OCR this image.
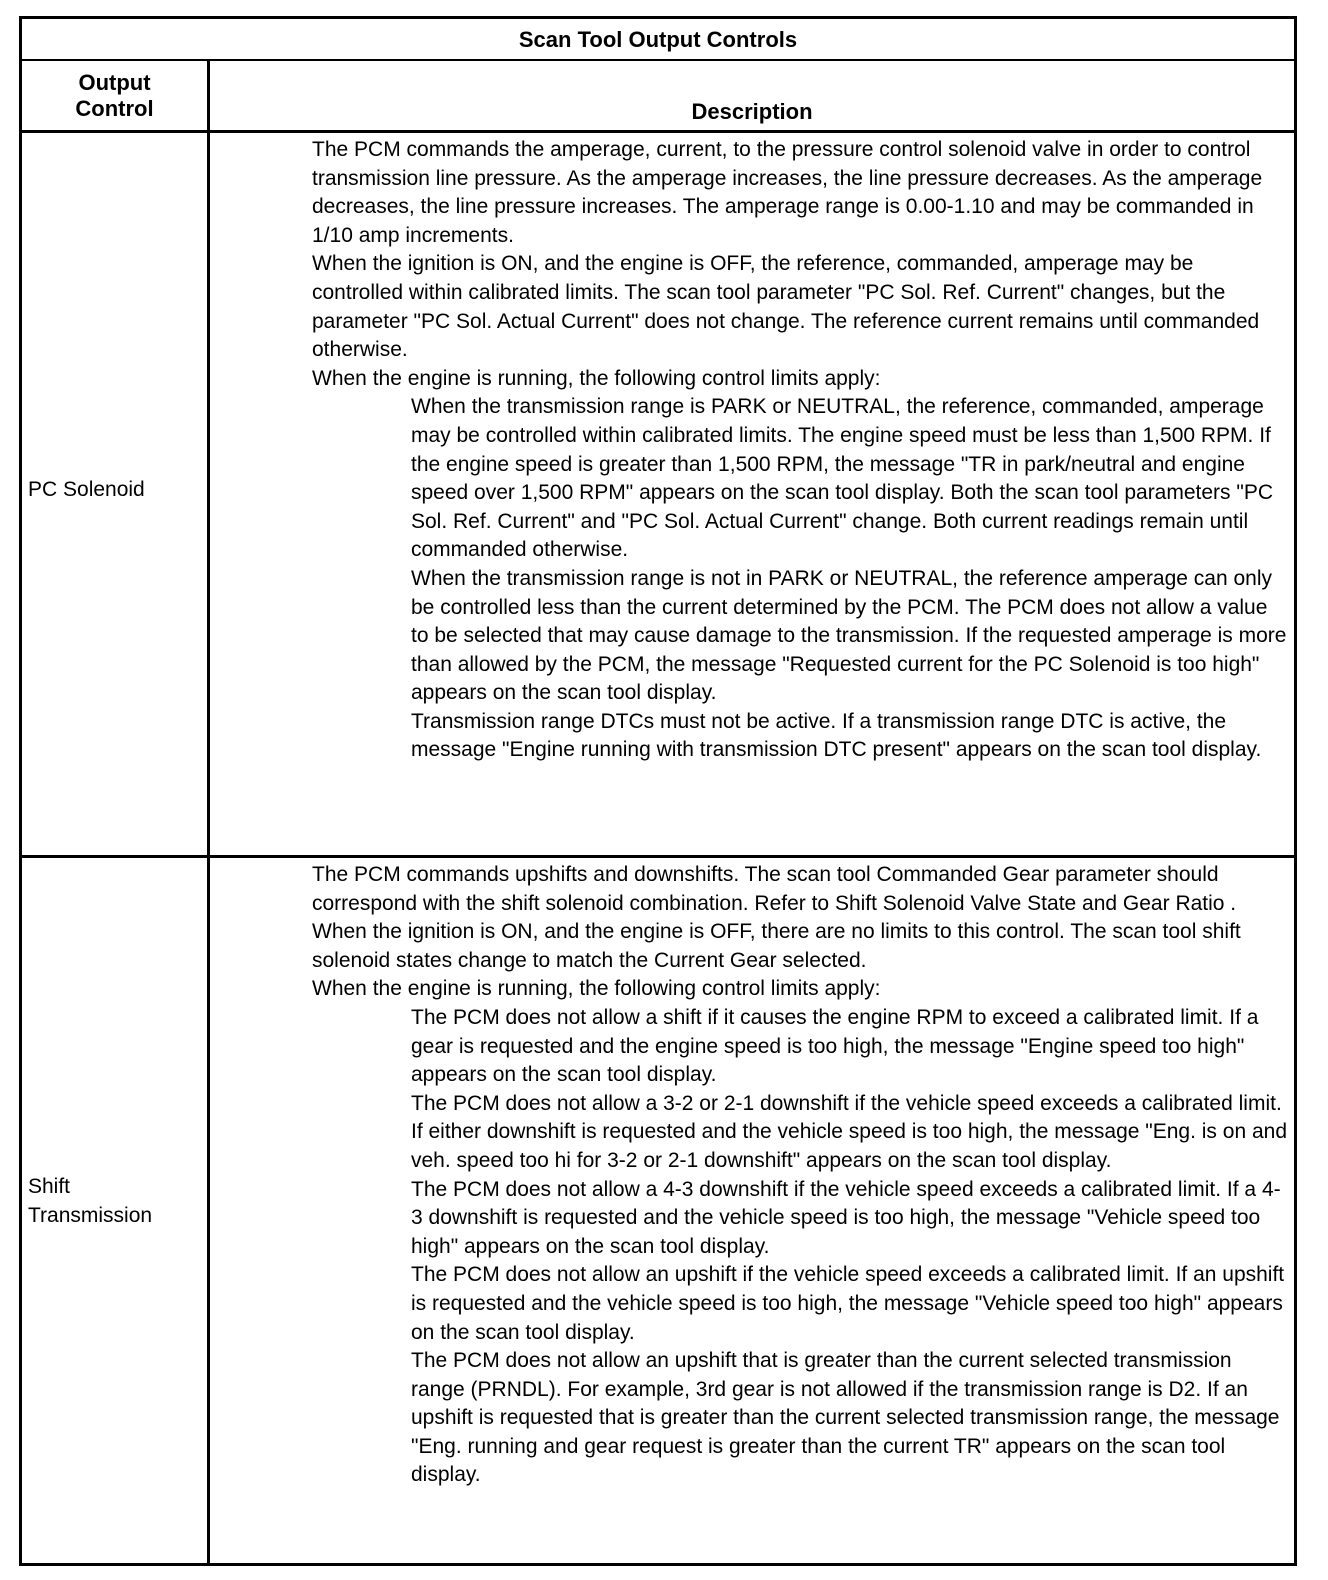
Scan Tool Output Controls
Output Control	Description
PC Solenoid

The PCM commands the amperage, current, to the pressure control solenoid valve in order to control transmission line pressure. As the amperage increases, the line pressure decreases. As the amperage decreases, the line pressure increases. The amperage range is 0.00-1.10 and may be commanded in 1/10 amp increments.

When the ignition is ON, and the engine is OFF, the reference, commanded, amperage may be controlled within calibrated limits. The scan tool parameter "PC Sol. Ref. Current" changes, but the parameter "PC Sol. Actual Current" does not change. The reference current remains until commanded otherwise.

When the engine is running, the following control limits apply:

When the transmission range is PARK or NEUTRAL, the reference, commanded, amperage may be controlled within calibrated limits. The engine speed must be less than 1,500 RPM. If the engine speed is greater than 1,500 RPM, the message "TR in park/neutral and engine speed over 1,500 RPM" appears on the scan tool display. Both the scan tool parameters "PC Sol. Ref. Current" and "PC Sol. Actual Current" change. Both current readings remain until commanded otherwise.

When the transmission range is not in PARK or NEUTRAL, the reference amperage can only be controlled less than the current determined by the PCM. The PCM does not allow a value to be selected that may cause damage to the transmission. If the requested amperage is more than allowed by the PCM, the message "Requested current for the PC Solenoid is too high" appears on the scan tool display.

Transmission range DTCs must not be active. If a transmission range DTC is active, the message "Engine running with transmission DTC present" appears on the scan tool display.

Shift Transmission

The PCM commands upshifts and downshifts. The scan tool Commanded Gear parameter should correspond with the shift solenoid combination. Refer to Shift Solenoid Valve State and Gear Ratio .

When the ignition is ON, and the engine is OFF, there are no limits to this control. The scan tool shift solenoid states change to match the Current Gear selected.

When the engine is running, the following control limits apply:

The PCM does not allow a shift if it causes the engine RPM to exceed a calibrated limit. If a gear is requested and the engine speed is too high, the message "Engine speed too high" appears on the scan tool display.

The PCM does not allow a 3-2 or 2-1 downshift if the vehicle speed exceeds a calibrated limit. If either downshift is requested and the vehicle speed is too high, the message "Eng. is on and veh. speed too hi for 3-2 or 2-1 downshift" appears on the scan tool display.

The PCM does not allow a 4-3 downshift if the vehicle speed exceeds a calibrated limit. If a 4-3 downshift is requested and the vehicle speed is too high, the message "Vehicle speed too high" appears on the scan tool display.

The PCM does not allow an upshift if the vehicle speed exceeds a calibrated limit. If an upshift is requested and the vehicle speed is too high, the message "Vehicle speed too high" appears on the scan tool display.

The PCM does not allow an upshift that is greater than the current selected transmission range (PRNDL). For example, 3rd gear is not allowed if the transmission range is D2. If an upshift is requested that is greater than the current selected transmission range, the message "Eng. running and gear request is greater than the current TR" appears on the scan tool display.
